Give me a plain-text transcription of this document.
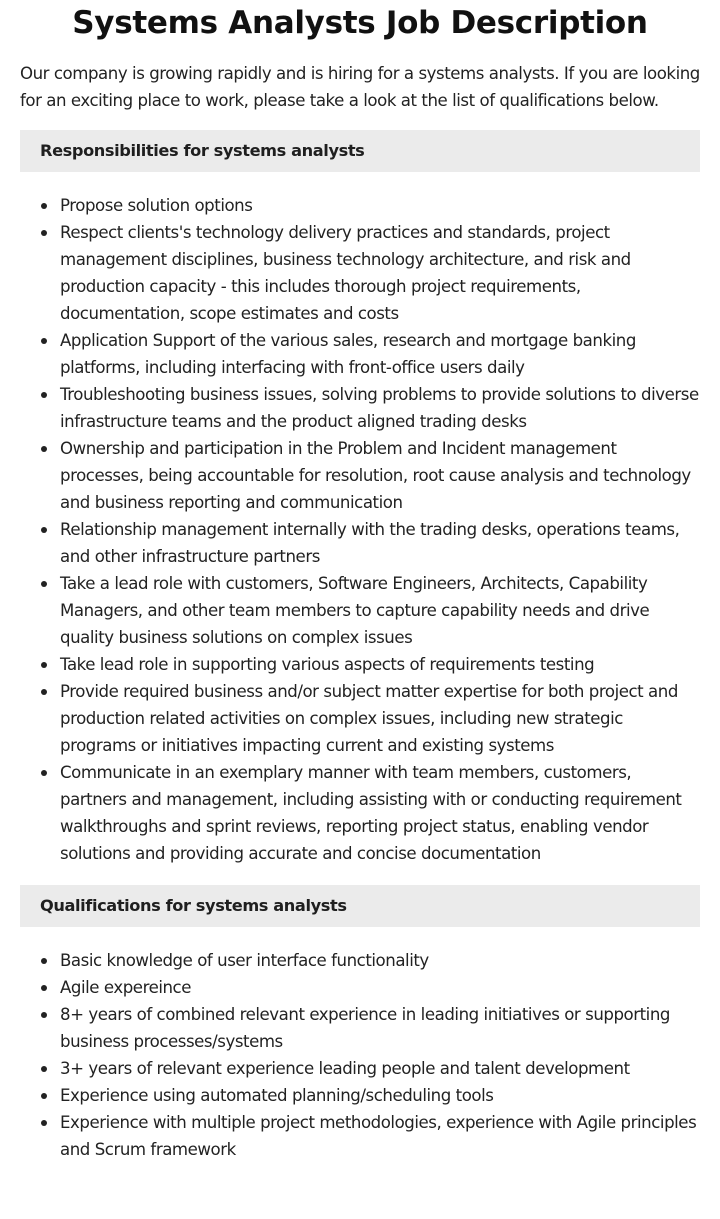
Systems Analysts Job Description

Our company is growing rapidly and is hiring for a systems analysts. If you are looking for an exciting place to work, please take a look at the list of qualifications below.

Responsibilities for systems analysts
Propose solution options
Respect clients's technology delivery practices and standards, project management disciplines, business technology architecture, and risk and production capacity - this includes thorough project requirements, documentation, scope estimates and costs
Application Support of the various sales, research and mortgage banking platforms, including interfacing with front-office users daily
Troubleshooting business issues, solving problems to provide solutions to diverse infrastructure teams and the product aligned trading desks
Ownership and participation in the Problem and Incident management processes, being accountable for resolution, root cause analysis and technology and business reporting and communication
Relationship management internally with the trading desks, operations teams, and other infrastructure partners
Take a lead role with customers, Software Engineers, Architects, Capability Managers, and other team members to capture capability needs and drive quality business solutions on complex issues
Take lead role in supporting various aspects of requirements testing
Provide required business and/or subject matter expertise for both project and production related activities on complex issues, including new strategic programs or initiatives impacting current and existing systems
Communicate in an exemplary manner with team members, customers, partners and management, including assisting with or conducting requirement walkthroughs and sprint reviews, reporting project status, enabling vendor solutions and providing accurate and concise documentation
Qualifications for systems analysts
Basic knowledge of user interface functionality
Agile expereince
8+ years of combined relevant experience in leading initiatives or supporting business processes/systems
3+ years of relevant experience leading people and talent development
Experience using automated planning/scheduling tools
Experience with multiple project methodologies, experience with Agile principles and Scrum framework
